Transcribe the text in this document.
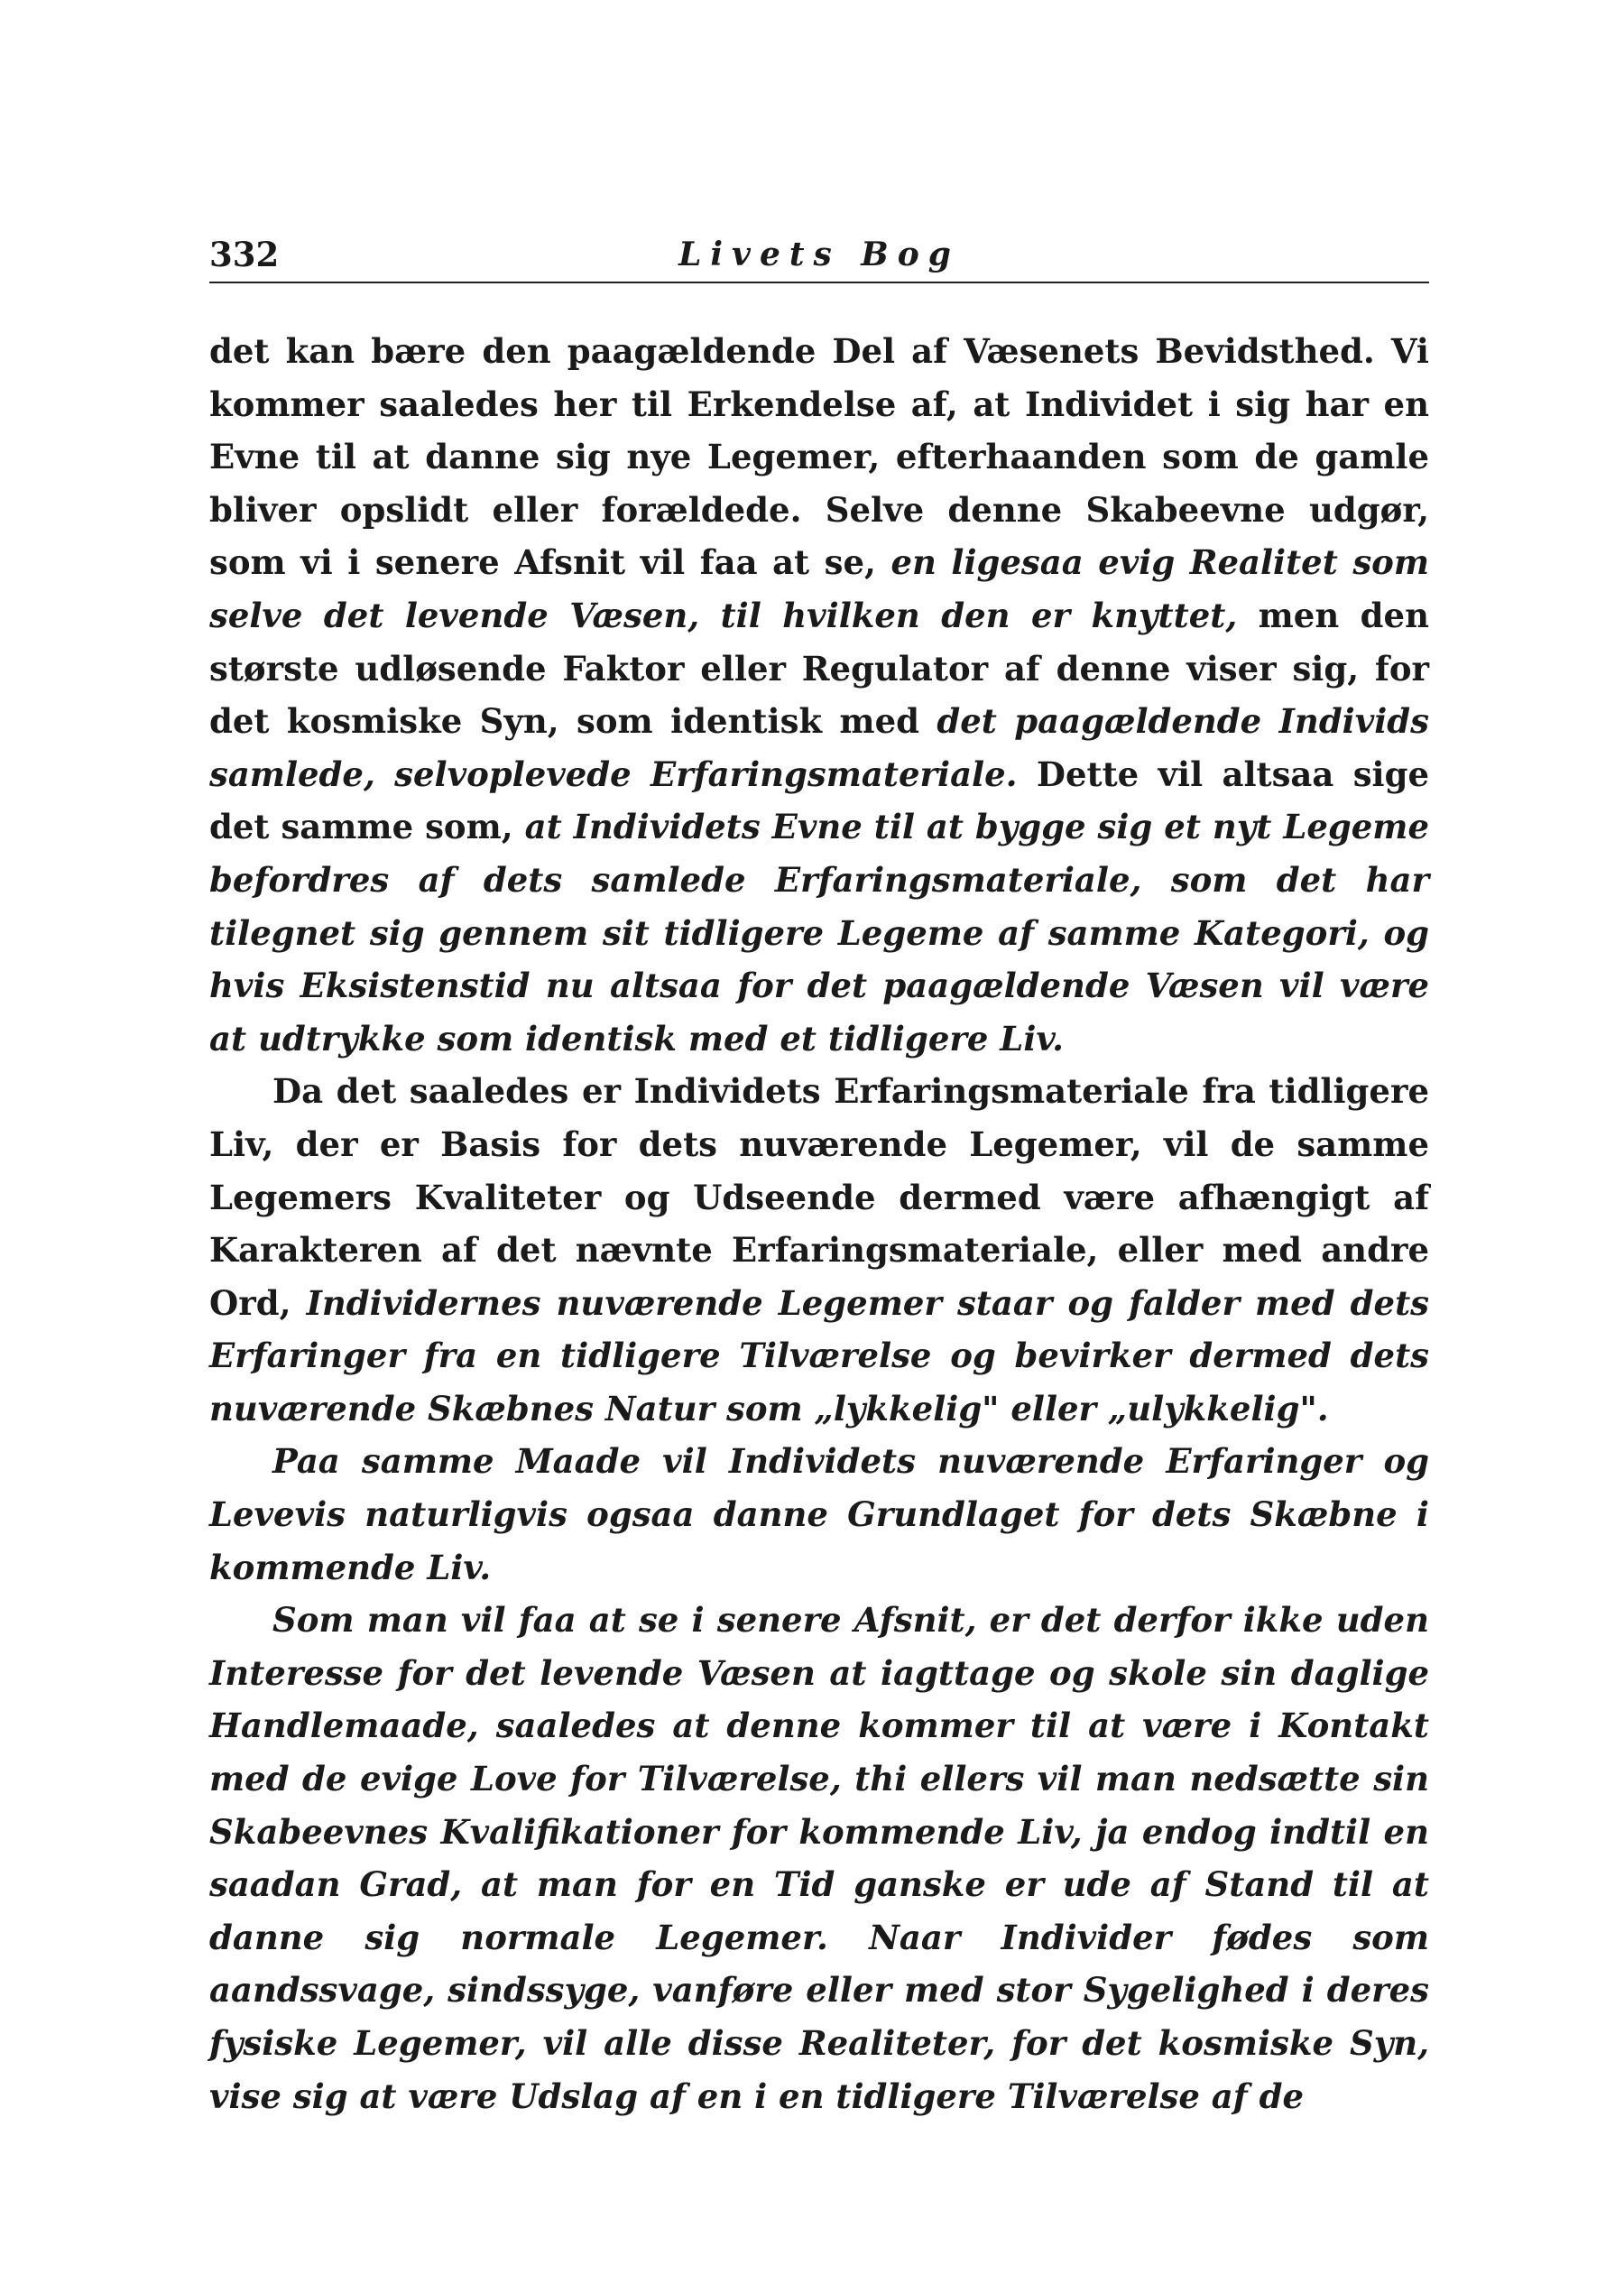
332	Livets Bog

det kan bære den paagældende Del af Væsenets Bevidsthed. Vi kommer saaledes her til Erkendelse af, at Individet i sig har en Evne til at danne sig nye Legemer, efterhaanden som de gamle bliver opslidt eller forældede. Selve denne Skabeevne udgør, som vi i senere Afsnit vil faa at se, en ligesaa evig Realitet som selve det levende Væsen, til hvilken den er knyttet, men den største udløsende Faktor eller Regulator af denne viser sig, for det kosmiske Syn, som identisk med det paagældende Individs samlede, selvoplevede Erfaringsmateriale. Dette vil altsaa sige det samme som, at Individets Evne til at bygge sig et nyt Legeme befordres af dets samlede Erfaringsmateriale, som det har tilegnet sig gennem sit tidligere Legeme af samme Kategori, og hvis Eksistenstid nu altsaa for det paagældende Væsen vil være at udtrykke som identisk med et tidligere Liv.

Da det saaledes er Individets Erfaringsmateriale fra tidligere Liv, der er Basis for dets nuværende Legemer, vil de samme Legemers Kvaliteter og Udseende dermed være afhængigt af Karakteren af det nævnte Erfaringsmateriale, eller med andre Ord, Individernes nuværende Legemer staar og falder med dets Erfaringer fra en tidligere Tilværelse og bevirker dermed dets nuværende Skæbnes Natur som „lykkelig" eller „ulykkelig".

Paa samme Maade vil Individets nuværende Erfaringer og Levevis naturligvis ogsaa danne Grundlaget for dets Skæbne i kommende Liv.

Som man vil faa at se i senere Afsnit, er det derfor ikke uden Interesse for det levende Væsen at iagttage og skole sin daglige Handlemaade, saaledes at denne kommer til at være i Kontakt med de evige Love for Tilværelse, thi ellers vil man nedsætte sin Skabeevnes Kvalifikationer for kommende Liv, ja endog indtil en saadan Grad, at man for en Tid ganske er ude af Stand til at danne sig normale Legemer. Naar Individer fødes som aandssvage, sindssyge, vanføre eller med stor Sygelighed i deres fysiske Legemer, vil alle disse Realiteter, for det kosmiske Syn, vise sig at være Udslag af en i en tidligere Tilværelse af de
